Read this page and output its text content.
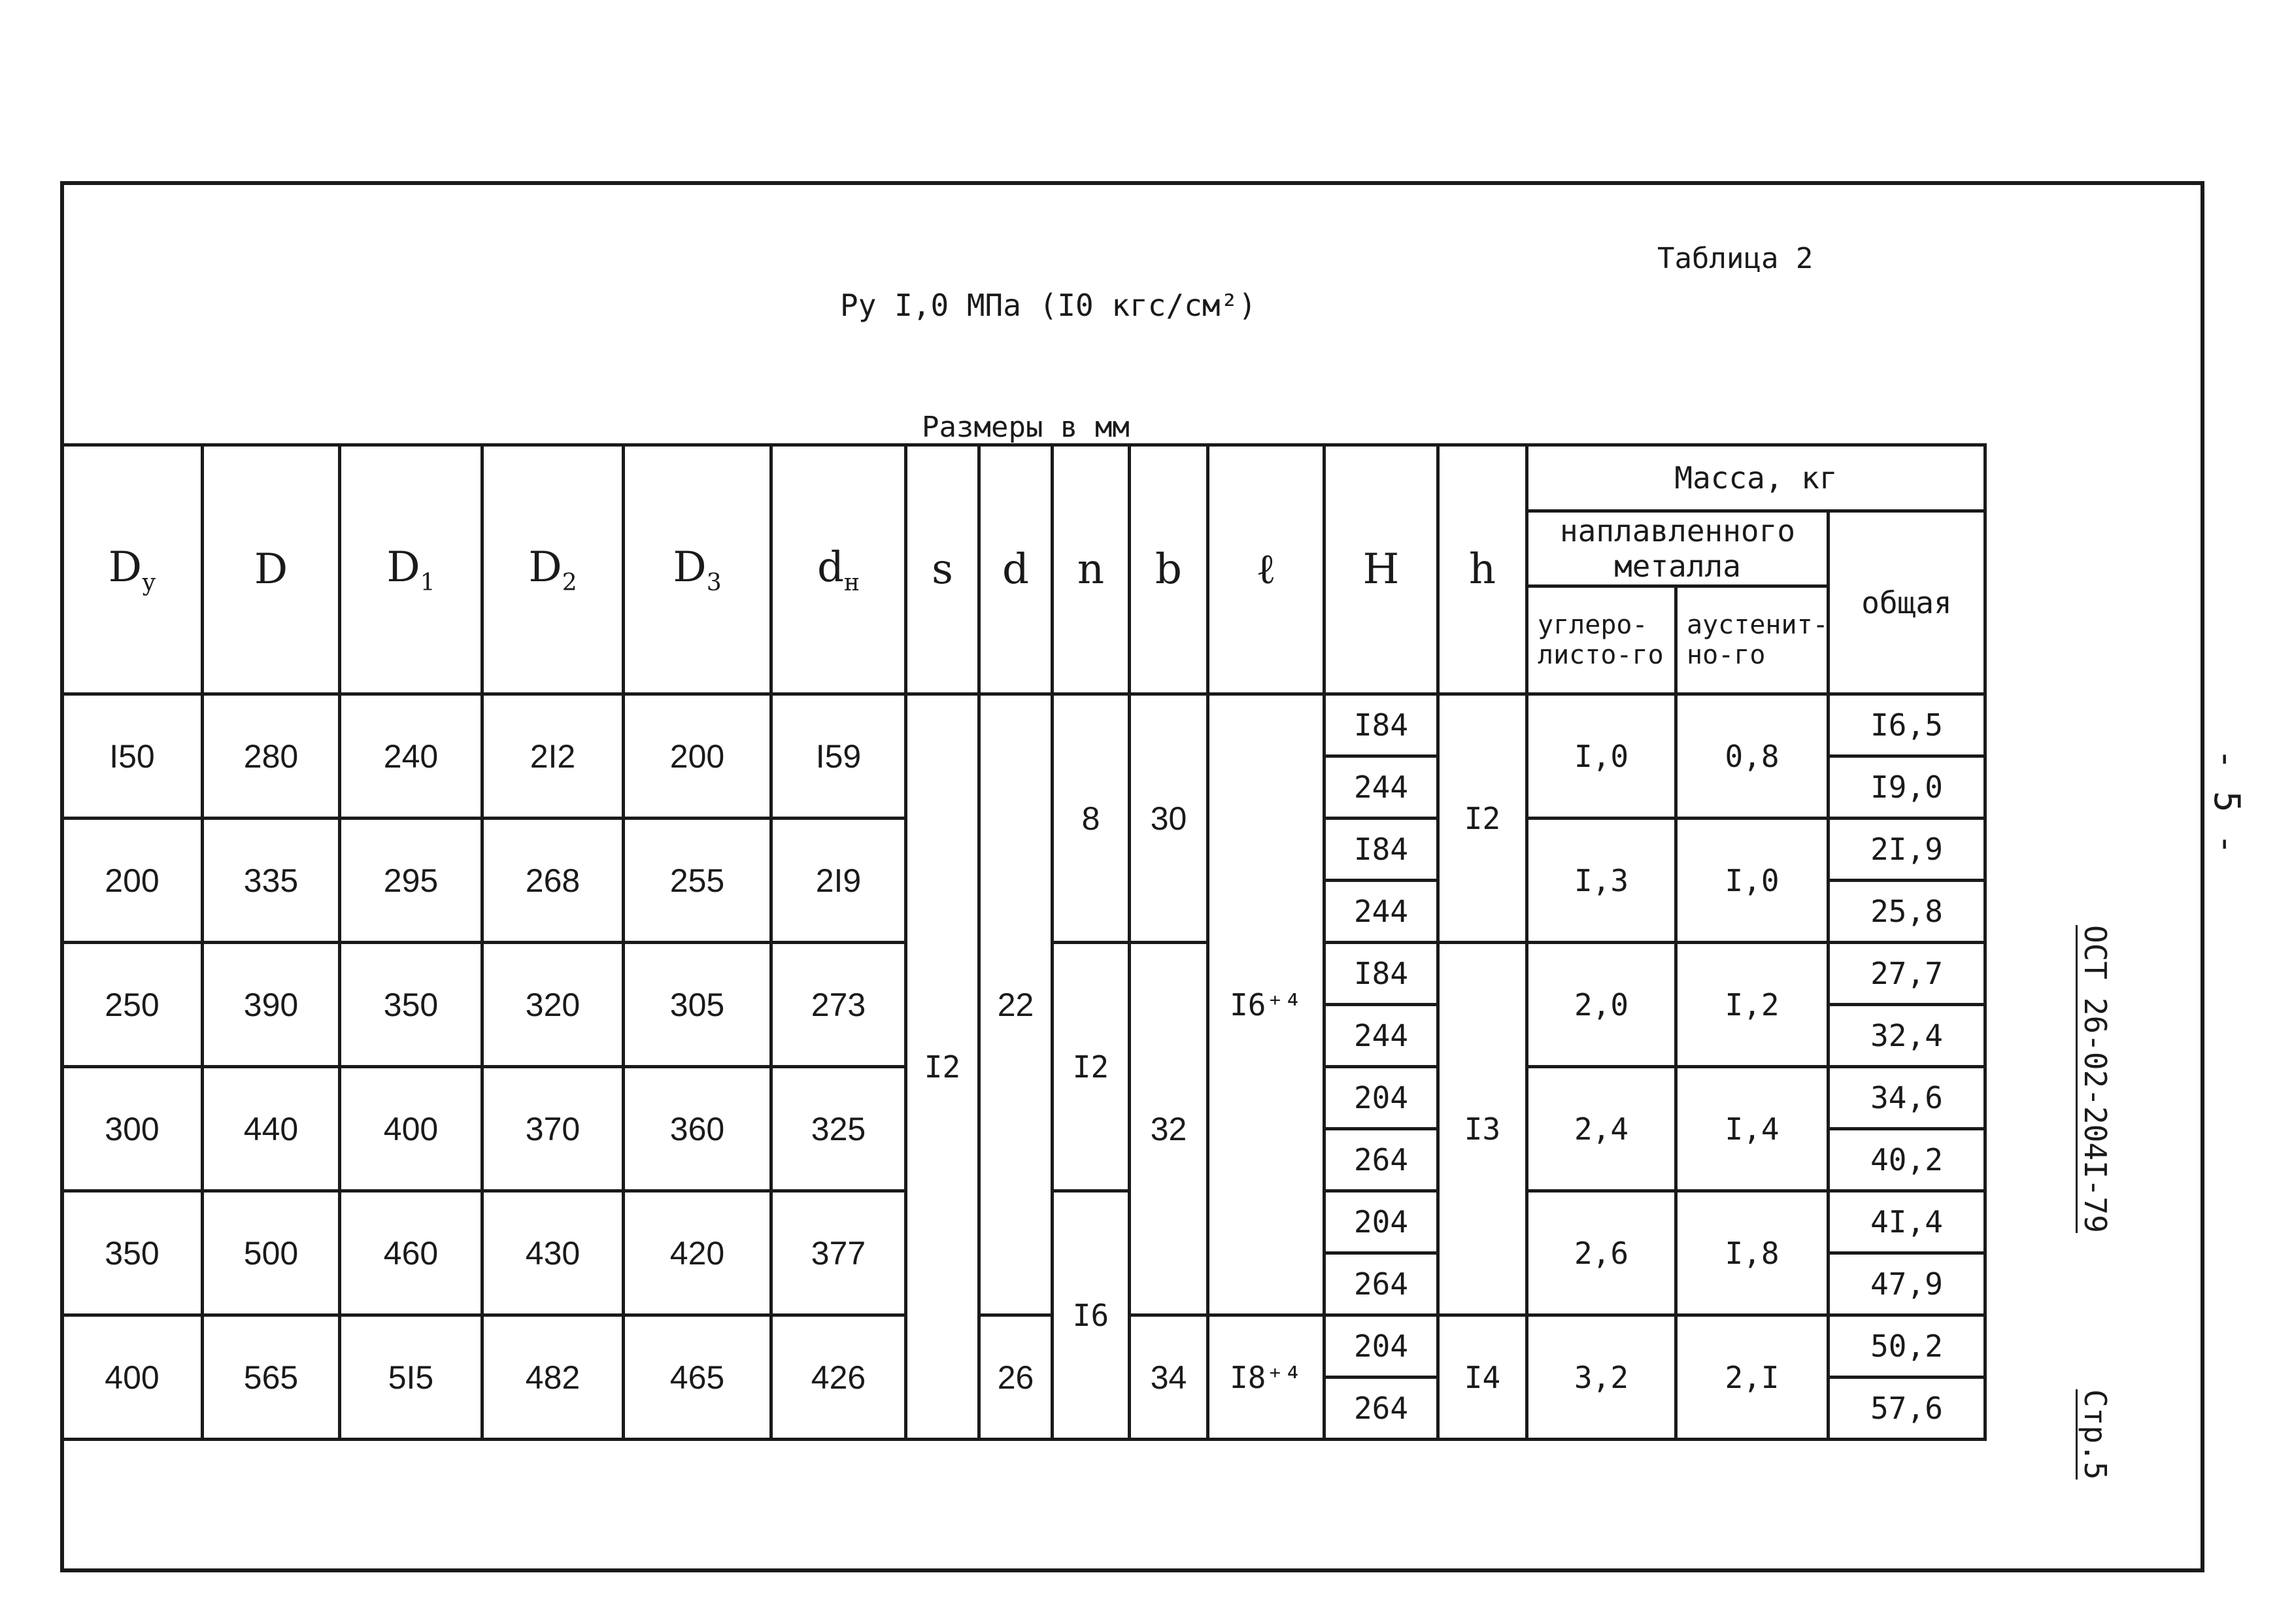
Таблица 2
Ру I,0 МПа (I0 кгс/см²)
Размеры в мм
- 5 -
ОСТ 26-02-204I-79
Стр.5
$D_у$	D	$D_1$	$D_2$	$D_3$	$d_н$	s	d	n	b	ℓ	H	h	Масса, кг		
													наплавленного металла		общая
													углеро-листо-го	аустенит-но-го	
I50	280	240	2I2	200	I59	I2	22	8	30	I6⁺⁴	I84	I2	I,0	0,8	I6,5
											244				I9,0
200	335	295	268	255	2I9						I84		I,3	I,0	2I,9
											244				25,8
250	390	350	320	305	273			I2	32		I84	I3	2,0	I,2	27,7
											244				32,4
300	440	400	370	360	325						204		2,4	I,4	34,6
											264				40,2
350	500	460	430	420	377			I6			204		2,6	I,8	4I,4
											264				47,9
400	565	5I5	482	465	426		26		34	I8⁺⁴	204	I4	3,2	2,I	50,2
											264				57,6
